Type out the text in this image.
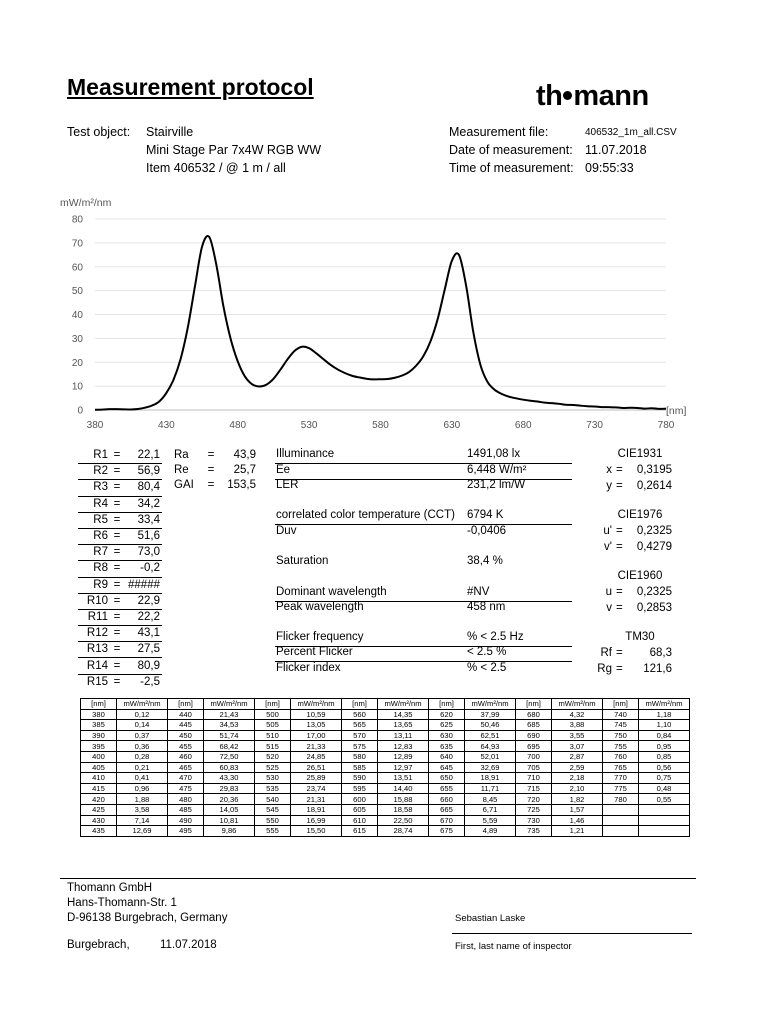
Measurement protocol	th mann
Test object: Stairville
Mini Stage Par 7x4W RGB WW
Item 406532 / @ 1 m / all
Measurement file:	406532_1m_all.CSV
Date of measurement: 11.07.2018
Time of measurement: 09:55:33
0
10
20
30
40
50
60
70
80
380	430	480	530	580	630	680	730	780
mW/m²/nm
[nm]
R1	=	22,1
R2	=	56,9
R3	=	80,4
R4	=	34,2
R5	=	33,4
R6	=	51,6
R7	=	73,0
R8	=	-0,2
R9	=	#####
R10	=	22,9
R11	=	22,2
R12	=	43,1
R13	=	27,5
R14	=	80,9
R15	=	-2,5
Ra	=	43,9
Re	=	25,7
GAI	=	153,5
Illuminance	1491,08 lx
Ee	6,448 W/m²
LER	231,2 lm/W
correlated color temperature (CCT) 6794 K
Duv	-0,0406
Saturation	38,4 %
Dominant wavelength	#NV
Peak wavelength	458 nm
Flicker frequency	% < 2.5 Hz
Percent Flicker	< 2.5 %
Flicker index	% < 2.5
CIE1931
x =	0,3195
y =	0,2614
CIE1976
u' =	0,2325
v' =	0,4279
CIE1960
u =	0,2325
v =	0,2853
TM30
Rf =	68,3
Rg =	121,6
[nm]	mW/m²/nm	[nm]	mW/m²/nm	[nm]	mW/m²/nm	[nm]	mW/m²/nm	[nm]	mW/m²/nm	[nm]	mW/m²/nm	[nm]	mW/m²/nm
380	0,12	440	21,43	500	10,59	560	14,35	620	37,99	680	4,32	740	1,18
385	0,14	445	34,53	505	13,05	565	13,65	625	50,46	685	3,88	745	1,10
390	0,37	450	51,74	510	17,00	570	13,11	630	62,51	690	3,55	750	0,84
395	0,36	455	68,42	515	21,33	575	12,83	635	64,93	695	3,07	755	0,95
400	0,28	460	72,50	520	24,85	580	12,89	640	52,01	700	2,87	760	0,85
405	0,21	465	60,83	525	26,51	585	12,97	645	32,69	705	2,59	765	0,56
410	0,41	470	43,30	530	25,89	590	13,51	650	18,91	710	2,18	770	0,75
415	0,96	475	29,83	535	23,74	595	14,40	655	11,71	715	2,10	775	0,48
420	1,88	480	20,36	540	21,31	600	15,88	660	8,45	720	1,82	780	0,55
425	3,58	485	14,05	545	18,91	605	18,58	665	6,71	725	1,57		
430	7,14	490	10,81	550	16,99	610	22,50	670	5,59	730	1,46		
435	12,69	495	9,86	555	15,50	615	28,74	675	4,89	735	1,21		
Thomann GmbH
Hans-Thomann-Str. 1
D-96138 Burgebrach, Germany
Burgebrach,	11.07.2018
Sebastian Laske
First, last name of inspector
